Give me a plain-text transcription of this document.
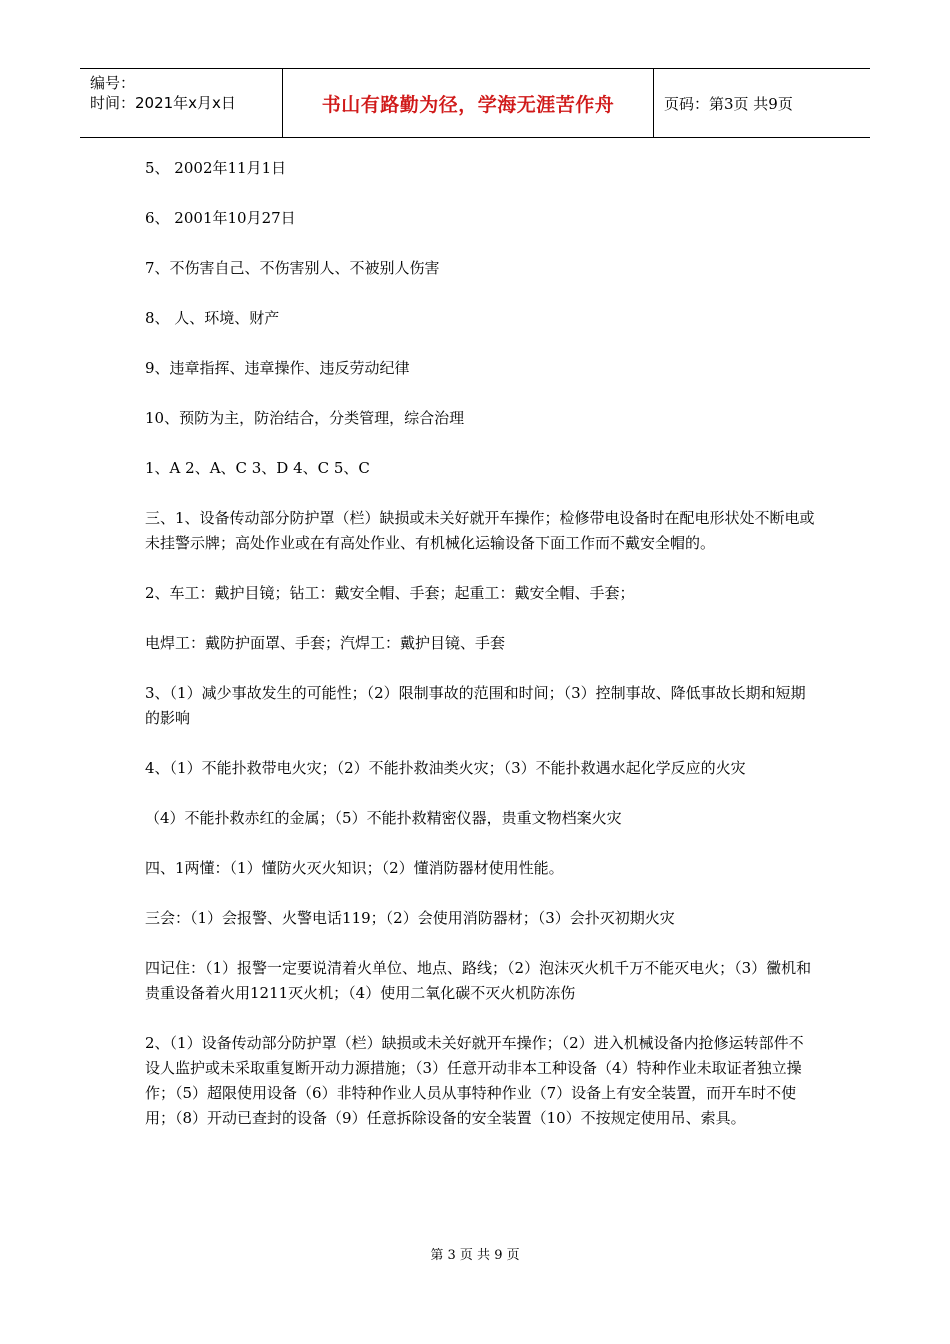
编号：
时间：2021年x月x日	书山有路勤为径，学海无涯苦作舟	页码：第3页 共9页

5、 2002年11月1日

6、 2001年10月27日

7、不伤害自己、不伤害别人、不被别人伤害

8、 人、环境、财产

9、违章指挥、违章操作、违反劳动纪律

10、预防为主，防治结合，分类管理，综合治理

1、A 2、A、C 3、D 4、C 5、C

三、1、设备传动部分防护罩（栏）缺损或未关好就开车操作；检修带电设备时在配电形状处不断电或未挂警示牌；高处作业或在有高处作业、有机械化运输设备下面工作而不戴安全帽的。

2、车工：戴护目镜；钻工：戴安全帽、手套；起重工：戴安全帽、手套；

电焊工：戴防护面罩、手套；汽焊工：戴护目镜、手套

3、（1）减少事故发生的可能性；（2）限制事故的范围和时间；（3）控制事故、降低事故长期和短期的影响

4、（1）不能扑救带电火灾；（2）不能扑救油类火灾；（3）不能扑救遇水起化学反应的火灾

（4）不能扑救赤红的金属；（5）不能扑救精密仪器，贵重文物档案火灾

四、1两懂：（1）懂防火灭火知识；（2）懂消防器材使用性能。

三会：（1）会报警、火警电话119；（2）会使用消防器材；（3）会扑灭初期火灾

四记住：（1）报警一定要说清着火单位、地点、路线；（2）泡沫灭火机千万不能灭电火；（3）黴机和贵重设备着火用1211灭火机；（4）使用二氧化碳不灭火机防冻伤

2、（1）设备传动部分防护罩（栏）缺损或未关好就开车操作；（2）进入机械设备内抢修运转部件不设人监护或未采取重复断开动力源措施；（3）任意开动非本工种设备（4）特种作业未取证者独立操作；（5）超限使用设备（6）非特种作业人员从事特种作业（7）设备上有安全装置，而开车时不使用；（8）开动已查封的设备（9）任意拆除设备的安全装置（10）不按规定使用吊、索具。

第 3 页 共 9 页
